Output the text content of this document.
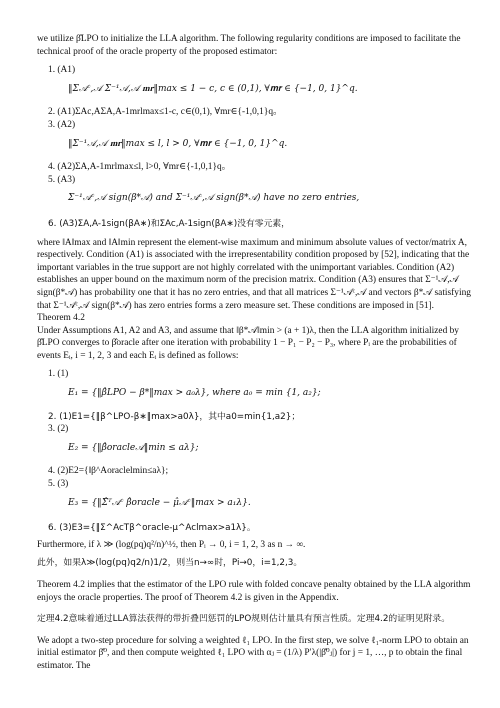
we utilize β̂LPO to initialize the LLA algorithm. The following regularity conditions are imposed to facilitate the technical proof of the oracle property of the proposed estimator:

1. (A1)

‖Σ𝒜ᶜ,𝒜 Σ⁻¹𝒜,𝒜 𝐦𝐫‖max ≤ 1 − c, c ∈ (0,1), ∀𝐦𝐫 ∈ {−1, 0, 1}^q.

2. (A1)ΣAc,AΣA,A-1mrlmax≤1-c, c∈(0,1), ∀mr∈{-1,0,1}q。

3. (A2)

‖Σ⁻¹𝒜,𝒜 𝐦𝐫‖max ≤ l, l > 0, ∀𝐦𝐫 ∈ {−1, 0, 1}^q.

4. (A2)ΣA,A-1mrlmax≤l, l>0, ∀mr∈{-1,0,1}q。

5. (A3)

Σ⁻¹𝒜ᶜ,𝒜 sign(β*𝒜) and Σ⁻¹𝒜ᶜ,𝒜 sign(β*𝒜) have no zero entries,

6. (A3)ΣA,A-1sign(βA∗)和ΣAc,A-1sign(βA∗)没有零元素，

where ‖A‖max and ‖A‖min represent the element-wise maximum and minimum absolute values of vector/matrix A, respectively. Condition (A1) is associated with the irrepresentability condition proposed by [52], indicating that the important variables in the true support are not highly correlated with the unimportant variables. Condition (A2) establishes an upper bound on the maximum norm of the precision matrix. Condition (A3) ensures that Σ⁻¹𝒜,𝒜 sign(β*𝒜) has probability one that it has no zero entries, and that all matrices Σ⁻¹𝒜ᶜ,𝒜 and vectors β*𝒜 satisfying that Σ⁻¹𝒜ᶜ,𝒜 sign(β*𝒜) has zero entries forms a zero measure set. These conditions are imposed in [51].

Theorem 4.2

Under Assumptions A1, A2 and A3, and assume that ‖β*𝒜‖min > (a + 1)λ, then the LLA algorithm initialized by β̂LPO converges to β̂oracle after one iteration with probability 1 − P₁ − P₂ − P₃, where Pᵢ are the probabilities of events Eᵢ, i = 1, 2, 3 and each Eᵢ is defined as follows:

1. (1)

E₁ = {‖β̂LPO − β*‖max > a₀λ}, where a₀ = min {1, a₂};

2. (1)E1={‖β^LPO-β∗‖max>a0λ}，其中a0=min{1,a2}；

3. (2)

E₂ = {‖β̂oracle𝒜‖min ≤ aλ};

4. (2)E2={‖β^Aoraclelmin≤aλ};

5. (3)

E₃ = {‖Σ̂ᵀ𝒜ᶜ β̂oracle − μ̂𝒜ᶜ‖max > a₁λ}.

6. (3)E3={‖Σ^AcTβ^oracle-μ^Aclmax>a1λ}。

Furthermore, if λ ≫ (log(pq)q²/n)^½, then Pᵢ → 0, i = 1, 2, 3 as n → ∞.

此外，如果λ≫(log(pq)q2/n)1/2，则当n→∞时，Pi→0，i=1,2,3。

Theorem 4.2 implies that the estimator of the LPO rule with folded concave penalty obtained by the LLA algorithm enjoys the oracle properties. The proof of Theorem 4.2 is given in the Appendix.

定理4.2意味着通过LLA算法获得的带折叠凹惩罚的LPO规则估计量具有预言性质。定理4.2的证明见附录。

We adopt a two-step procedure for solving a weighted ℓ₁ LPO. In the first step, we solve ℓ₁-norm LPO to obtain an initial estimator β̂⁰, and then compute weighted ℓ₁ LPO with αⱼ = (1/λ) P′λ(|β̂⁰ⱼ|) for j = 1, …, p to obtain the final estimator. The
